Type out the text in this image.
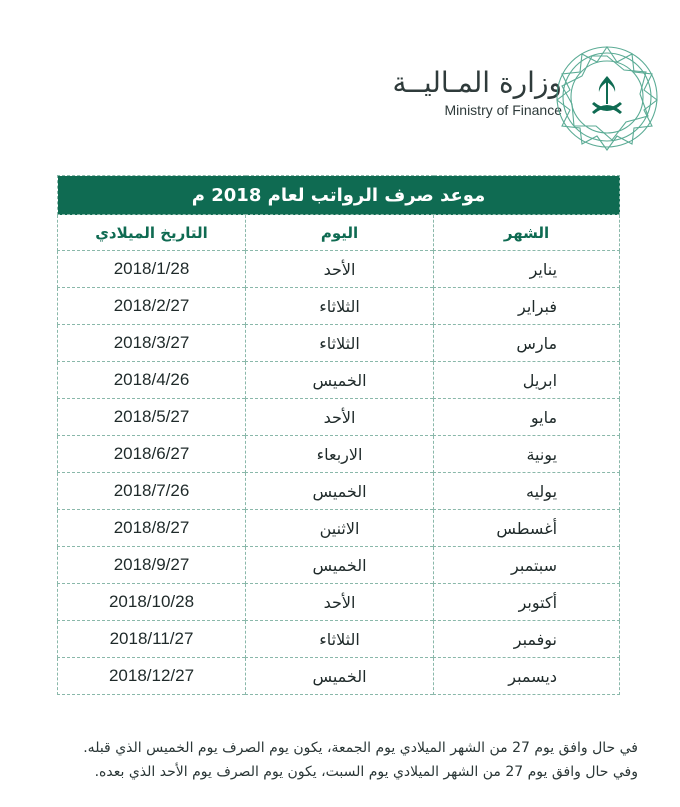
وزارة المـاليــة
Ministry of Finance
موعد صرف الرواتب لعام 2018 م		
الشهر	اليوم	التاريخ الميلادي
يناير	الأحد	2018/1/28
فبراير	الثلاثاء	2018/2/27
مارس	الثلاثاء	2018/3/27
ابريل	الخميس	2018/4/26
مايو	الأحد	2018/5/27
يونية	الاربعاء	2018/6/27
يوليه	الخميس	2018/7/26
أغسطس	الاثنين	2018/8/27
سبتمبر	الخميس	2018/9/27
أكتوبر	الأحد	2018/10/28
نوفمبر	الثلاثاء	2018/11/27
ديسمبر	الخميس	2018/12/27
في حال وافق يوم 27 من الشهر الميلادي يوم الجمعة، يكون يوم الصرف يوم الخميس الذي قبله.
وفي حال وافق يوم 27 من الشهر الميلادي يوم السبت، يكون يوم الصرف يوم الأحد الذي بعده.
